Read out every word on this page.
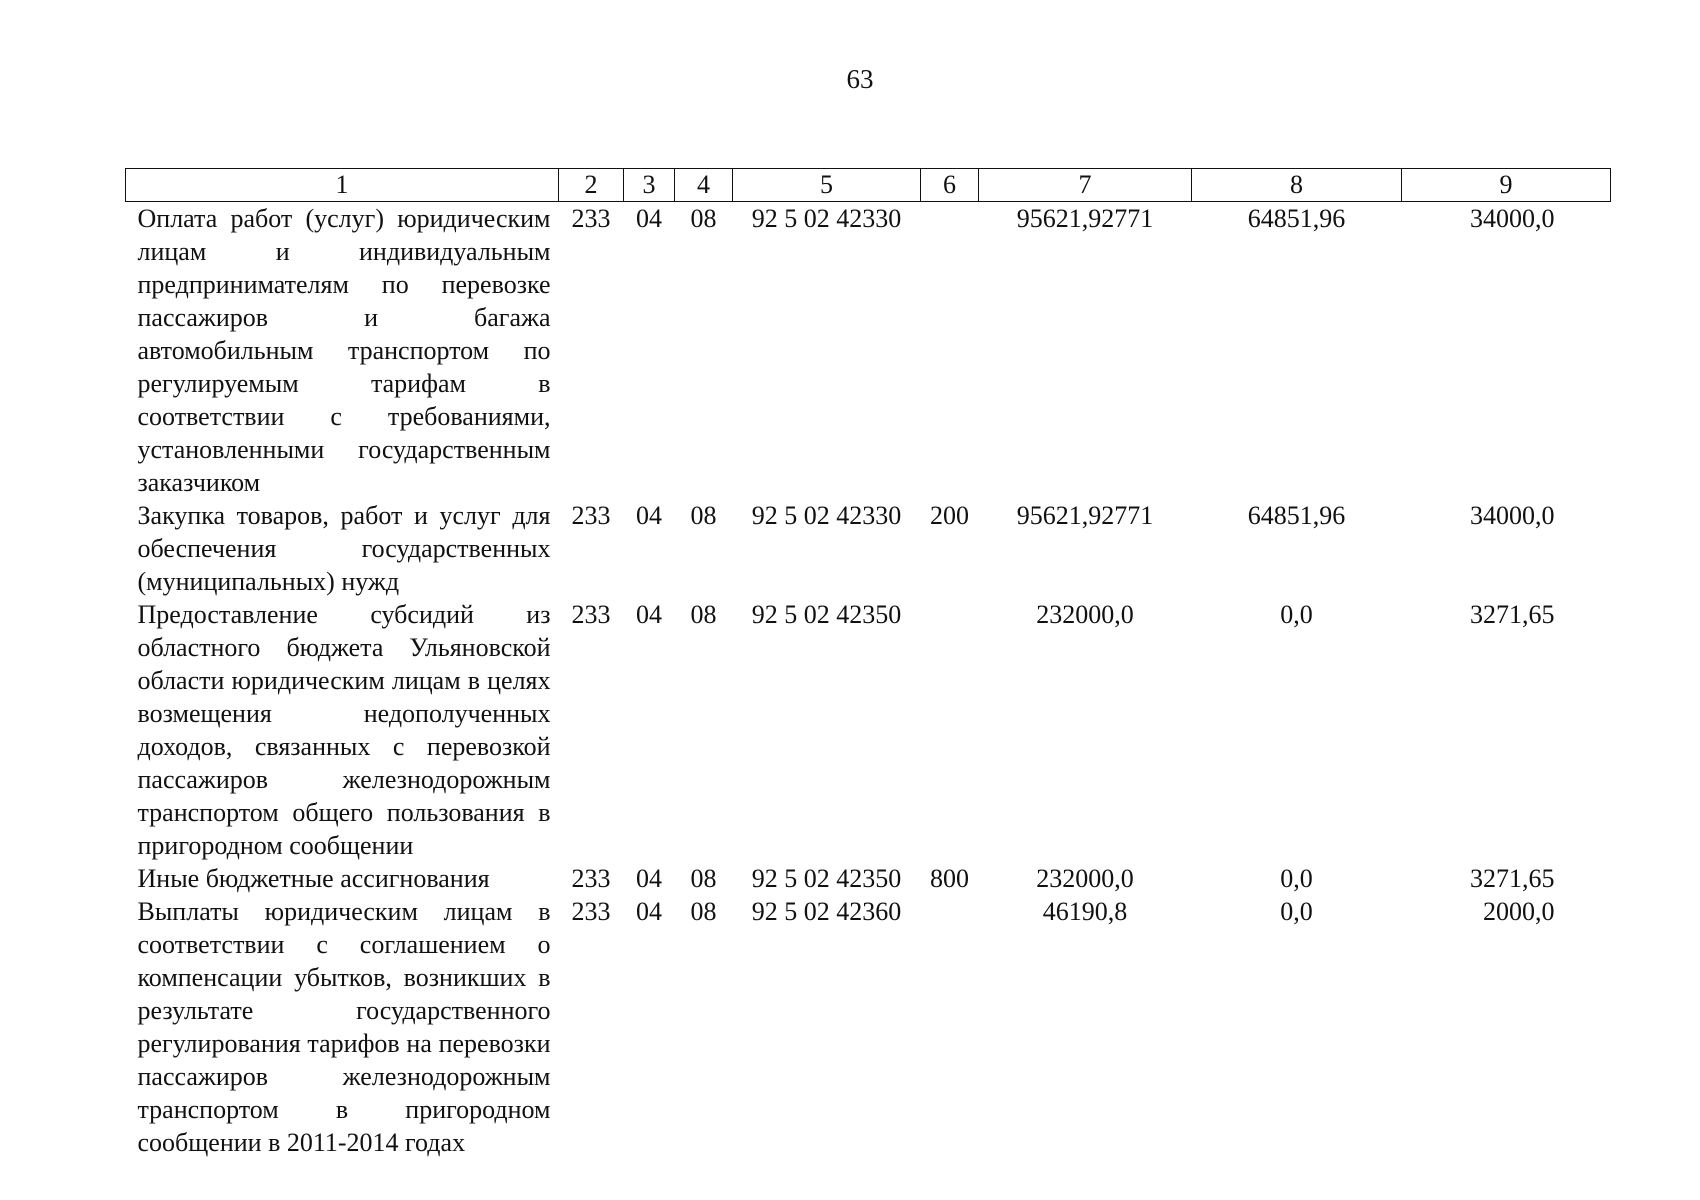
63
1	2	3	4	5	6	7	8	9
Оплата работ (услуг) юридическим лицам и индивидуальным предпринимателям по перевозке пассажиров и багажа автомобильным транспортом по регулируемым тарифам в соответствии с требованиями, установленными государственным заказчиком	233	04	08	92 5 02 42330		95621,92771	64851,96	34000,0
Закупка товаров, работ и услуг для обеспечения государственных (муниципальных) нужд	233	04	08	92 5 02 42330	200	95621,92771	64851,96	34000,0
Предоставление субсидий из областного бюджета Ульяновской области юридическим лицам в целях возмещения недополученных доходов, связанных с перевозкой пассажиров железнодорожным транспортом общего пользования в пригородном сообщении	233	04	08	92 5 02 42350		232000,0	0,0	3271,65
Иные бюджетные ассигнования	233	04	08	92 5 02 42350	800	232000,0	0,0	3271,65
Выплаты юридическим лицам в соответствии с соглашением о компенсации убытков, возникших в результате государственного регулирования тарифов на перевозки пассажиров железнодорожным транспортом в пригородном сообщении в 2011-2014 годах	233	04	08	92 5 02 42360		46190,8	0,0	2000,0
